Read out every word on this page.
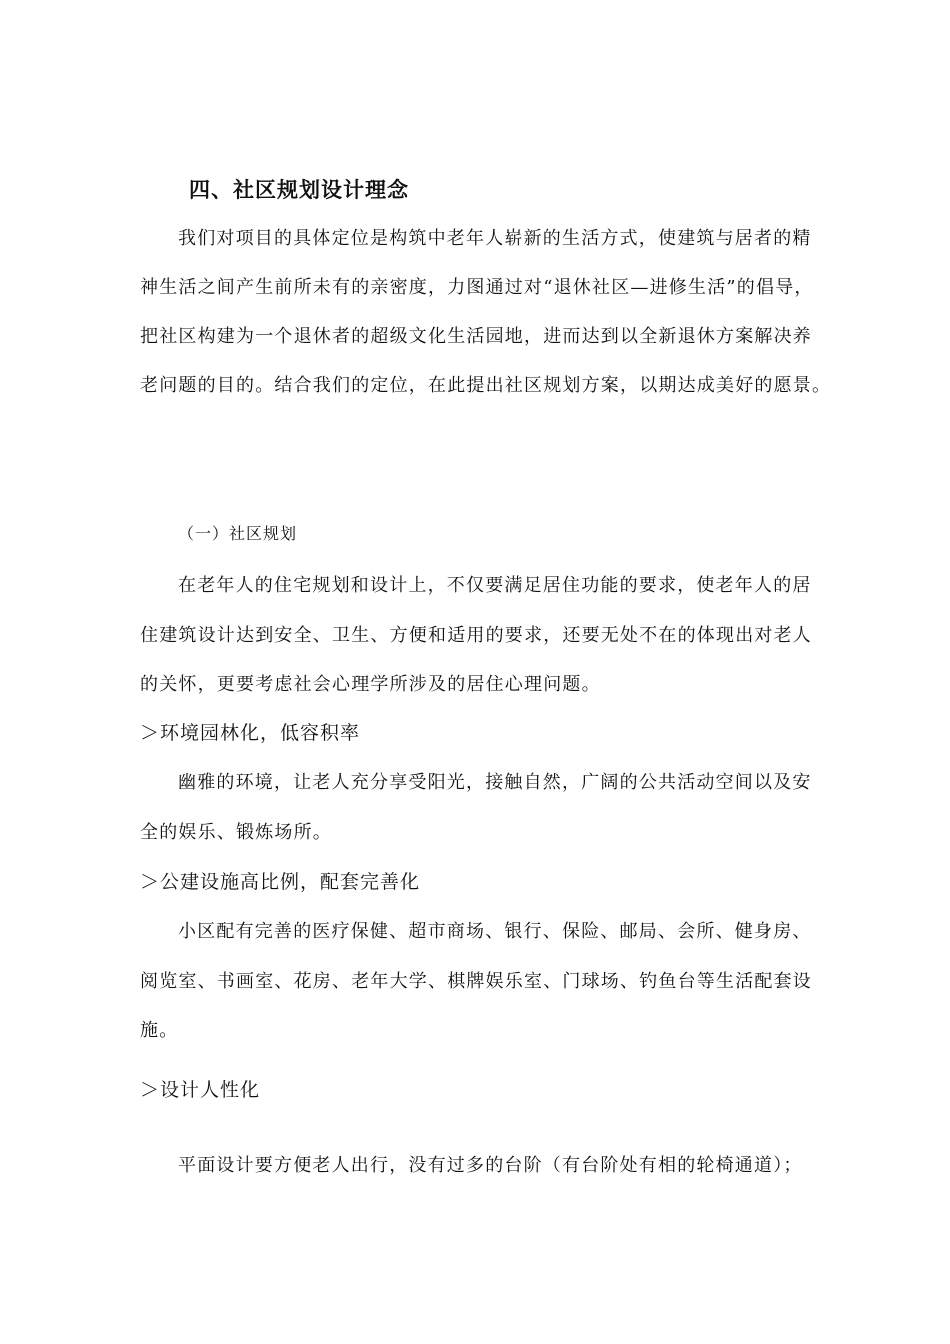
四、社区规划设计理念
我们对项目的具体定位是构筑中老年人崭新的生活方式，使建筑与居者的精
神生活之间产生前所未有的亲密度，力图通过对“退休社区—进修生活”的倡导，
把社区构建为一个退休者的超级文化生活园地，进而达到以全新退休方案解决养
老问题的目的。结合我们的定位，在此提出社区规划方案，以期达成美好的愿景。
（一）社区规划
在老年人的住宅规划和设计上，不仅要满足居住功能的要求，使老年人的居
住建筑设计达到安全、卫生、方便和适用的要求，还要无处不在的体现出对老人
的关怀，更要考虑社会心理学所涉及的居住心理问题。
＞环境园林化，低容积率
幽雅的环境，让老人充分享受阳光，接触自然，广阔的公共活动空间以及安
全的娱乐、锻炼场所。
＞公建设施高比例，配套完善化
小区配有完善的医疗保健、超市商场、银行、保险、邮局、会所、健身房、
阅览室、书画室、花房、老年大学、棋牌娱乐室、门球场、钓鱼台等生活配套设
施。
＞设计人性化
平面设计要方便老人出行，没有过多的台阶（有台阶处有相的轮椅通道）；
